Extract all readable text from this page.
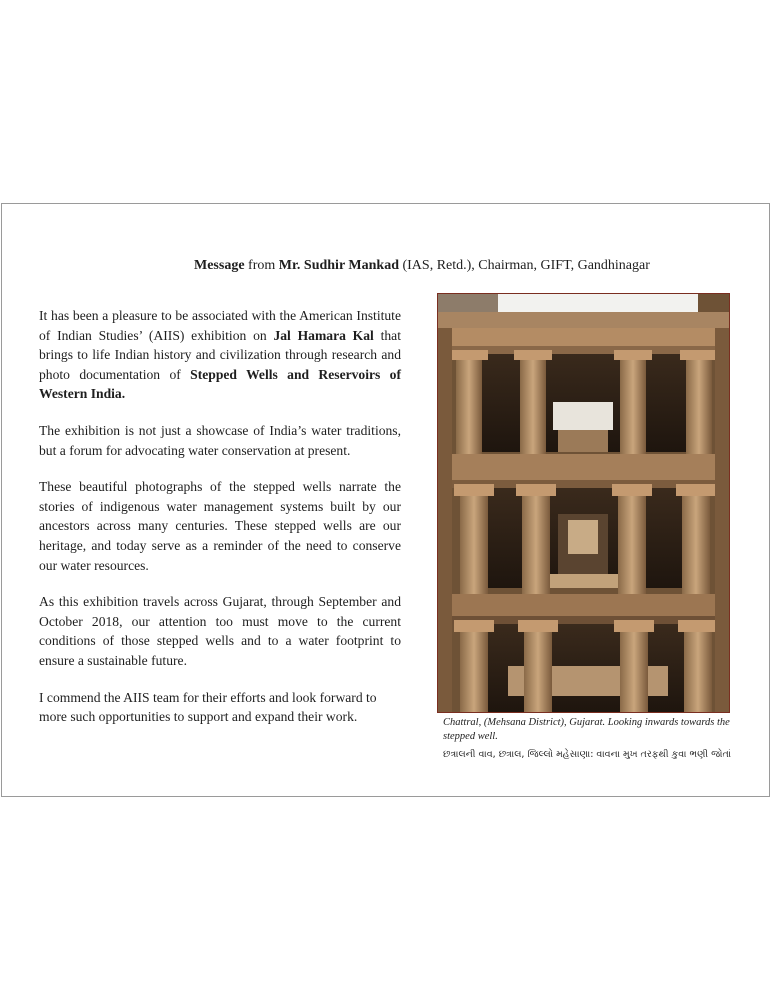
Message from Mr. Sudhir Mankad (IAS, Retd.), Chairman, GIFT, Gandhinagar

It has been a pleasure to be associated with the American Institute of Indian Studies’ (AIIS) exhibition on Jal Hamara Kal that brings to life Indian history and civilization through research and photo documentation of Stepped Wells and Reservoirs of Western India.

The exhibition is not just a showcase of India’s water traditions, but a forum for advocating water conservation at present.

These beautiful photographs of the stepped wells narrate the stories of indigenous water management systems built by our ancestors across many centuries. These stepped wells are our heritage, and today serve as a reminder of the need to conserve our water resources.

As this exhibition travels across Gujarat, through September and October 2018, our attention too must move to the current conditions of those stepped wells and to a water footprint to ensure a sustainable future.

I commend the AIIS team for their efforts and look forward to more such opportunities to support and expand their work.	Chattral, (Mehsana District), Gujarat. Looking inwards towards the stepped well.
છત્રાલની વાવ, છત્રાલ, જિલ્લો મહેસાણા: વાવના મુખ તરફથી કુવા ભણી જોતાં
